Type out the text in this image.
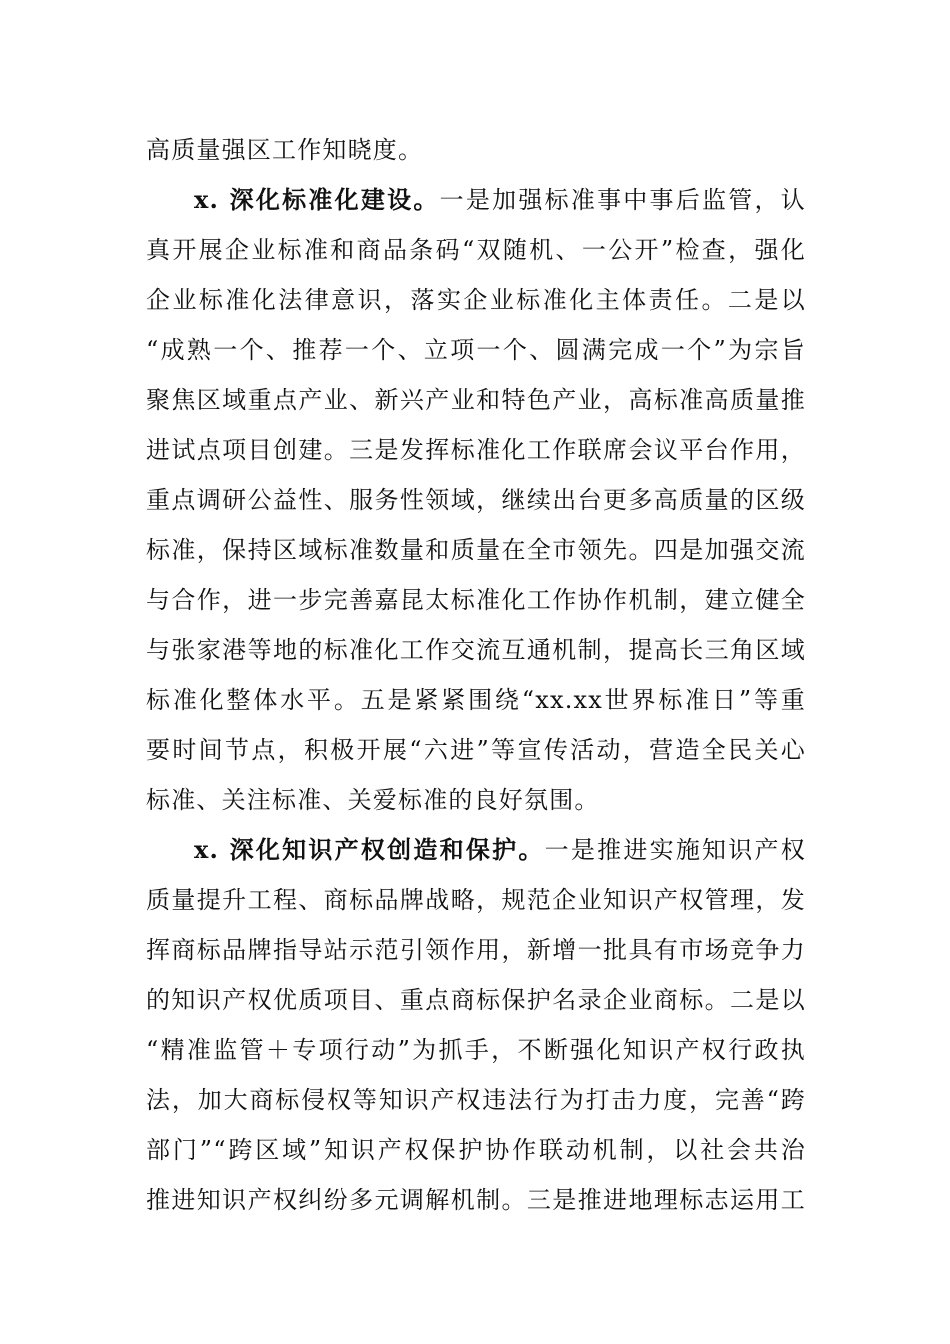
高质量强区工作知晓度。
x. 深化标准化建设。一是加强标准事中事后监管，认
真开展企业标准和商品条码“双随机、一公开”检查，强化
企业标准化法律意识，落实企业标准化主体责任。二是以
“成熟一个、推荐一个、立项一个、圆满完成一个”为宗旨
聚焦区域重点产业、新兴产业和特色产业，高标准高质量推
进试点项目创建。三是发挥标准化工作联席会议平台作用，
重点调研公益性、服务性领域，继续出台更多高质量的区级
标准，保持区域标准数量和质量在全市领先。四是加强交流
与合作，进一步完善嘉昆太标准化工作协作机制，建立健全
与张家港等地的标准化工作交流互通机制，提高长三角区域
标准化整体水平。五是紧紧围绕“xx.xx世界标准日”等重
要时间节点，积极开展“六进”等宣传活动，营造全民关心
标准、关注标准、关爱标准的良好氛围。
x. 深化知识产权创造和保护。一是推进实施知识产权
质量提升工程、商标品牌战略，规范企业知识产权管理，发
挥商标品牌指导站示范引领作用，新增一批具有市场竞争力
的知识产权优质项目、重点商标保护名录企业商标。二是以
“精准监管＋专项行动”为抓手，不断强化知识产权行政执
法，加大商标侵权等知识产权违法行为打击力度，完善“跨
部门”“跨区域”知识产权保护协作联动机制，以社会共治
推进知识产权纠纷多元调解机制。三是推进地理标志运用工
